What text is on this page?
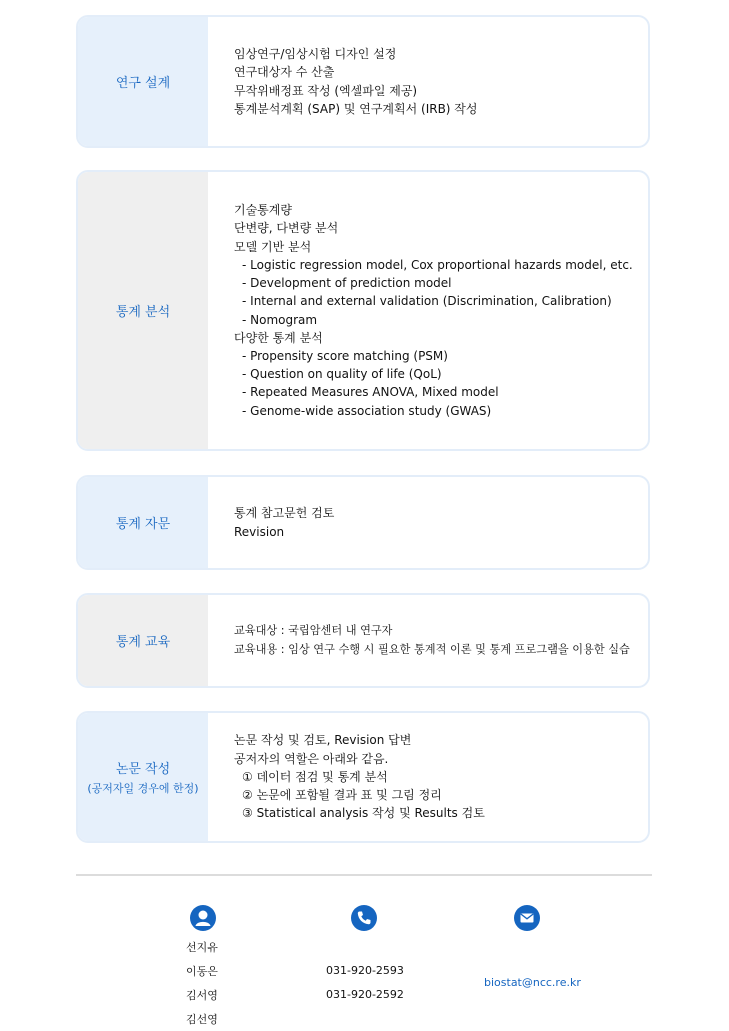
연구 설계
임상연구/임상시험 디자인 설정
연구대상자 수 산출
무작위배정표 작성 (엑셀파일 제공)
통계분석계획 (SAP) 및 연구계획서 (IRB) 작성
통계 분석
기술통계량
단변량, 다변량 분석
모델 기반 분석
- Logistic regression model, Cox proportional hazards model, etc.
- Development of prediction model
- Internal and external validation (Discrimination, Calibration)
- Nomogram
다양한 통계 분석
- Propensity score matching (PSM)
- Question on quality of life (QoL)
- Repeated Measures ANOVA, Mixed model
- Genome-wide association study (GWAS)
통계 자문
통계 참고문헌 검토
Revision
통계 교육
교육대상 : 국립암센터 내 연구자
교육내용 : 임상 연구 수행 시 필요한 통계적 이론 및 통계 프로그램을 이용한 실습
논문 작성
(공저자일 경우에 한정)
논문 작성 및 검토, Revision 답변
공저자의 역할은 아래와 같음.
① 데이터 점검 및 통계 분석
② 논문에 포함될 결과 표 및 그림 정리
③ Statistical analysis 작성 및 Results 검토
선지유
이동은
김서영
김선영
031-920-2593
031-920-2592
biostat@ncc.re.kr
